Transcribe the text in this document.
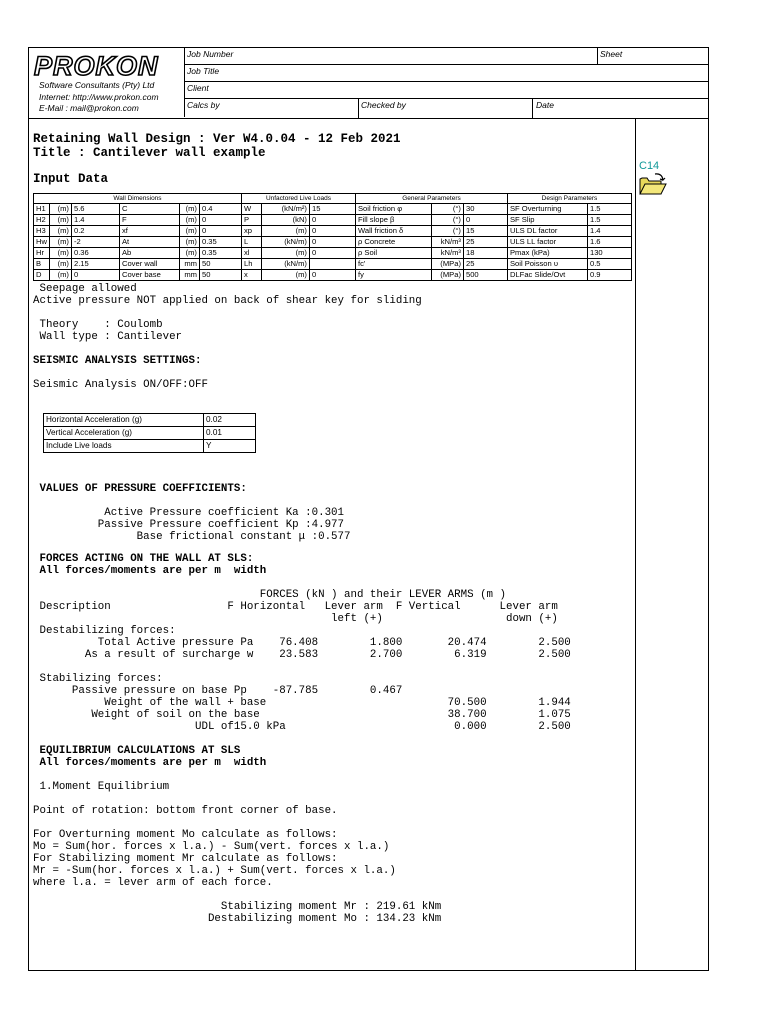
PROKON
Software Consultants (Pty) Ltd
Internet: http://www.prokon.com
E-Mail : mail@prokon.com
Job Number	Sheet
Job Title
Client
Calcs by	Checked by	Date
C14
Retaining Wall Design : Ver W4.0.04 - 12 Feb 2021
Title : Cantilever wall example
Input Data
Wall Dimensions						Unfactored Live Loads			General Parameters			Design Parameters	
H1	(m)	5.6	C	(m)	0.4	W	(kN/m²)	15	Soil friction φ	(°)	30	SF Overturning	1.5
H2	(m)	1.4	F	(m)	0	P	(kN)	0	Fill slope β	(°)	0	SF Slip	1.5
H3	(m)	0.2	xf	(m)	0	xp	(m)	0	Wall friction δ	(°)	15	ULS DL factor	1.4
Hw	(m)	-2	At	(m)	0.35	L	(kN/m)	0	ρ Concrete	kN/m³	25	ULS LL factor	1.6
Hr	(m)	0.36	Ab	(m)	0.35	xl	(m)	0	ρ Soil	kN/m³	18	Pmax (kPa)	130
B	(m)	2.15	Cover wall	mm	50	Lh	(kN/m)		fc'	(MPa)	25	Soil Poisson υ	0.5
D	(m)	0	Cover base	mm	50	x	(m)	0	fy	(MPa)	500	DLFac Slide/Ovt	0.9
Seepage allowed
Active pressure NOT applied on back of shear key for sliding
Theory    : Coulomb
Wall type : Cantilever
SEISMIC ANALYSIS SETTINGS:
Seismic Analysis ON/OFF:OFF
Horizontal Acceleration (g)	0.02
Vertical Acceleration (g)	0.01
Include Live loads	Y
VALUES OF PRESSURE COEFFICIENTS:
Active Pressure coefficient Ka :0.301
Passive Pressure coefficient Kp :4.977
Base frictional constant μ :0.577
FORCES ACTING ON THE WALL AT SLS:
All forces/moments are per m  width
FORCES (kN ) and their LEVER ARMS (m )
Description                  F Horizontal   Lever arm  F Vertical      Lever arm
left (+)                   down (+)
Destabilizing forces:
Total Active pressure Pa    76.408        1.800       20.474        2.500
As a result of surcharge w    23.583        2.700        6.319        2.500
Stabilizing forces:
Passive pressure on base Pp    -87.785        0.467
Weight of the wall + base                            70.500        1.944
Weight of soil on the base                             38.700        1.075
UDL of15.0 kPa                          0.000        2.500
EQUILIBRIUM CALCULATIONS AT SLS
All forces/moments are per m  width
1.Moment Equilibrium
Point of rotation: bottom front corner of base.
For Overturning moment Mo calculate as follows:
Mo = Sum(hor. forces x l.a.) - Sum(vert. forces x l.a.)
For Stabilizing moment Mr calculate as follows:
Mr = -Sum(hor. forces x l.a.) + Sum(vert. forces x l.a.)
where l.a. = lever arm of each force.
Stabilizing moment Mr : 219.61 kNm
Destabilizing moment Mo : 134.23 kNm
